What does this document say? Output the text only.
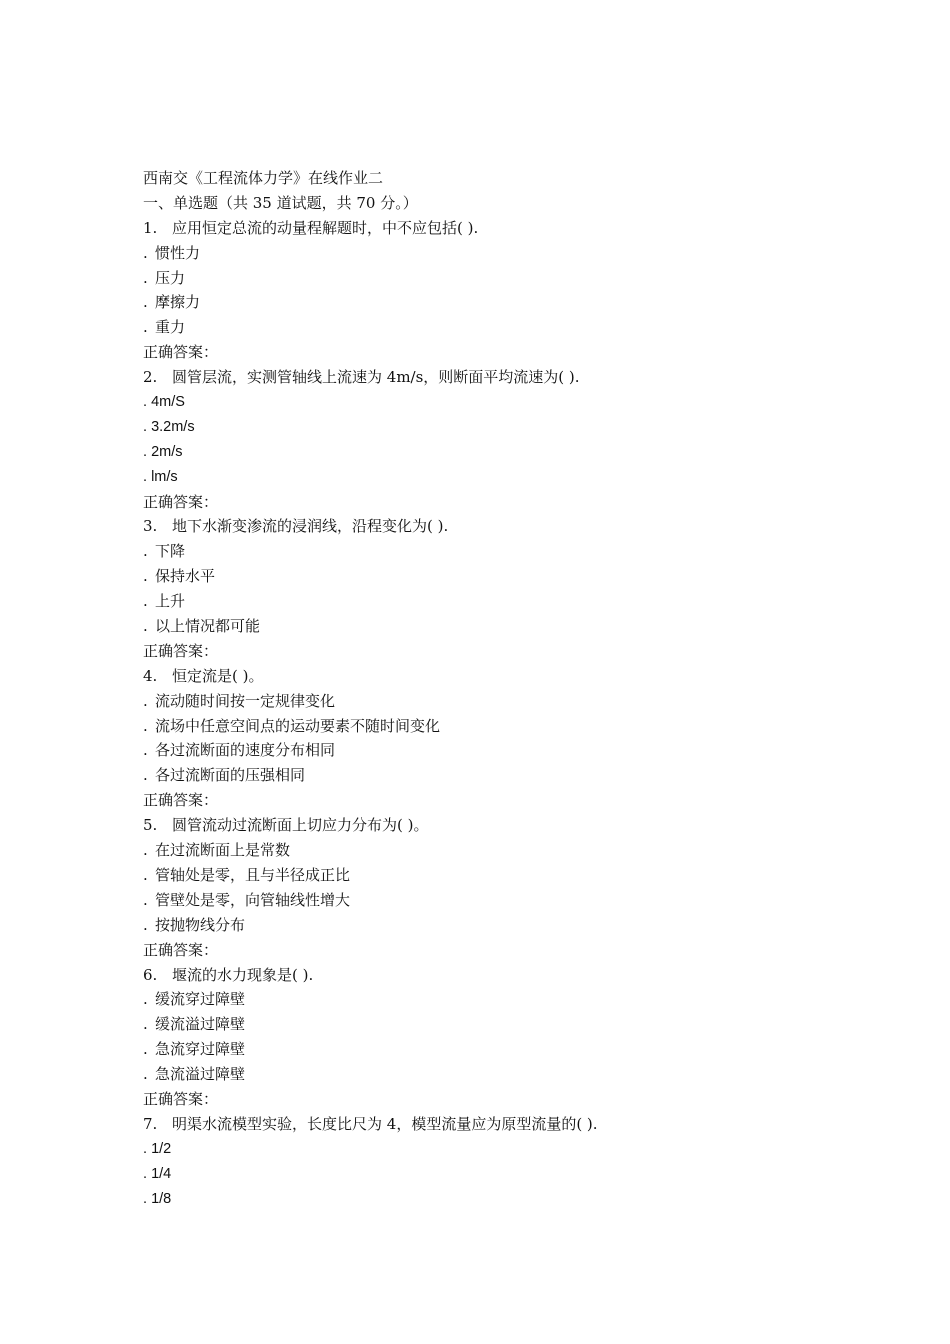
西南交《工程流体力学》在线作业二
一、单选题（共 35 道试题，共 70 分。）
1. 应用恒定总流的动量程解题时，中不应包括( ).
. 惯性力
. 压力
. 摩擦力
. 重力
正确答案：
2. 圆管层流，实测管轴线上流速为 4m/s，则断面平均流速为( ).
. 4m/S
. 3.2m/s
. 2m/s
. lm/s
正确答案：
3. 地下水渐变渗流的浸润线，沿程变化为( ).
. 下降
. 保持水平
. 上升
. 以上情况都可能
正确答案：
4. 恒定流是( )。
. 流动随时间按一定规律变化
. 流场中任意空间点的运动要素不随时间变化
. 各过流断面的速度分布相同
. 各过流断面的压强相同
正确答案：
5. 圆管流动过流断面上切应力分布为( )。
. 在过流断面上是常数
. 管轴处是零，且与半径成正比
. 管壁处是零，向管轴线性增大
. 按抛物线分布
正确答案：
6. 堰流的水力现象是( ).
. 缓流穿过障壁
. 缓流溢过障壁
. 急流穿过障壁
. 急流溢过障壁
正确答案：
7. 明渠水流模型实验，长度比尺为 4，模型流量应为原型流量的( ).
. 1/2
. 1/4
. 1/8
